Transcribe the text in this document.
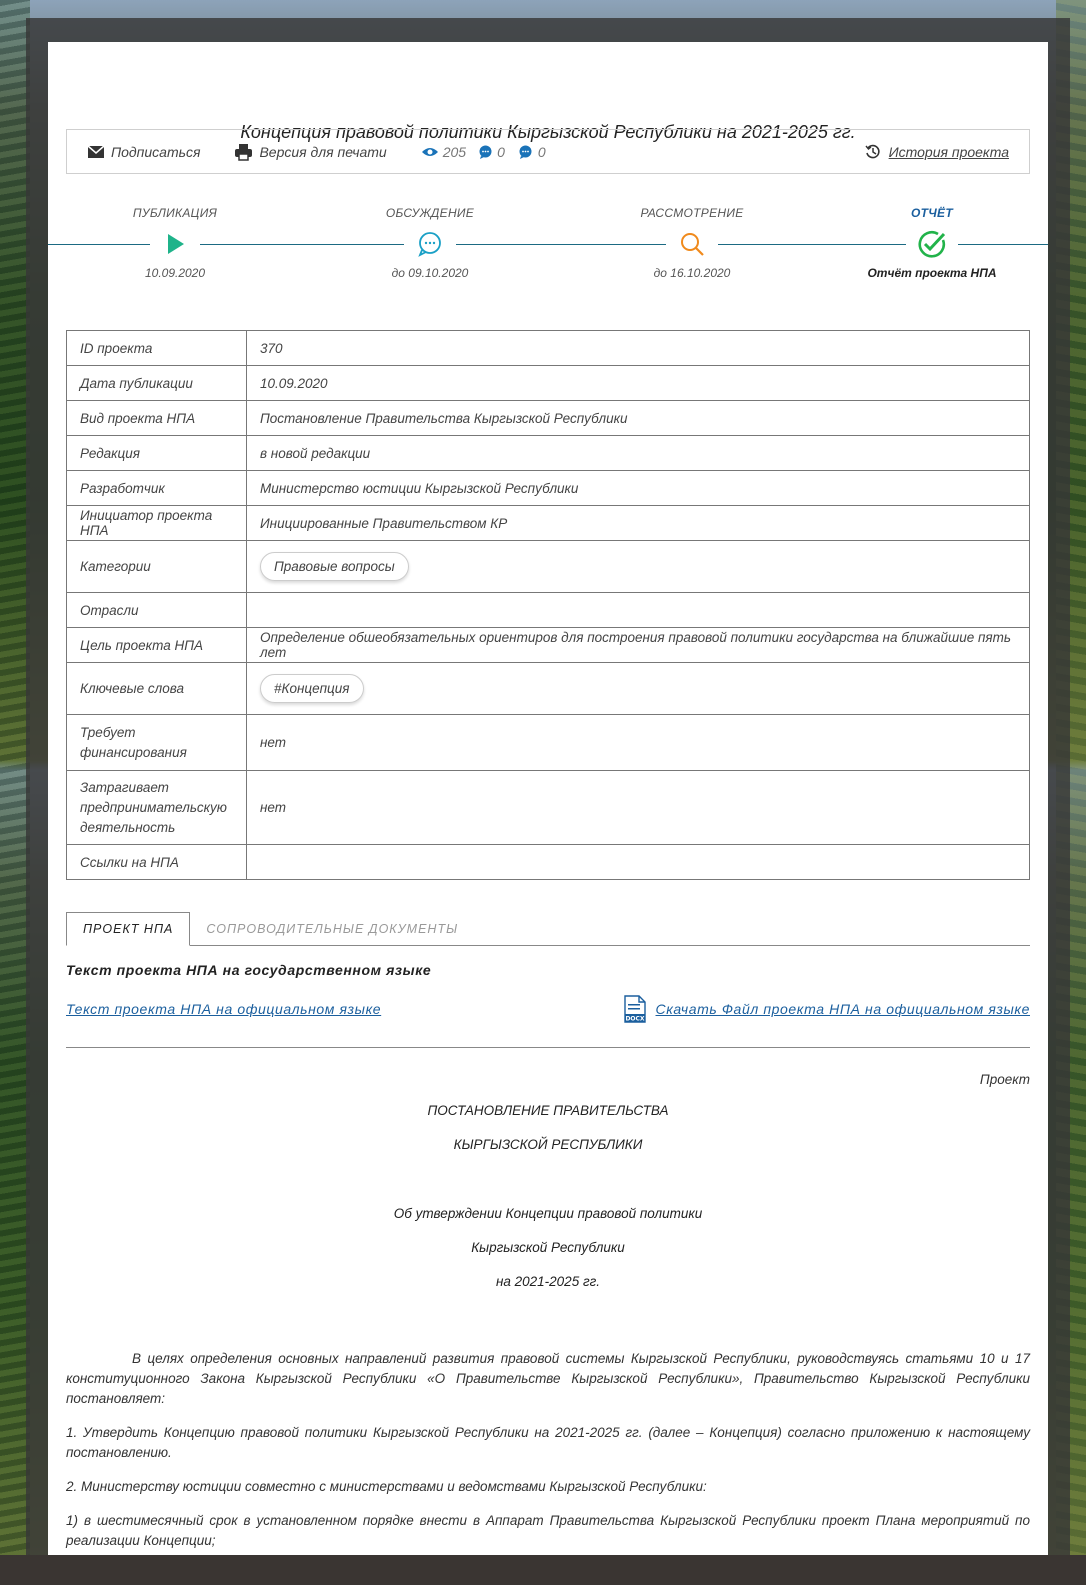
Концепция правовой политики Кыргызской Республики на 2021-2025 гг.
Подписаться	Версия для печати	205 0 0	История проекта
ПУБЛИКАЦИЯ
10.09.2020
ОБСУЖДЕНИЕ
до 09.10.2020
РАССМОТРЕНИЕ
до 16.10.2020
ОТЧЁТ
Отчёт проекта НПА
ID проекта	370
Дата публикации	10.09.2020
Вид проекта НПА	Постановление Правительства Кыргызской Республики
Редакция	в новой редакции
Разработчик	Министерство юстиции Кыргызской Республики
Инициатор проекта НПА	Инициированные Правительством КР
Категории	Правовые вопросы
Отрасли	
Цель проекта НПА	Определение обшеобязательных ориентиров для построения правовой политики государства на ближайшие пять лет
Ключевые слова	#Концепция

Требует
финансирования	нет

Затрагивает
предпринимательскую
деятельность	нет
Ссылки на НПА	
ПРОЕКТ НПА	СОПРОВОДИТЕЛЬНЫЕ ДОКУМЕНТЫ
Текст проекта НПА на государственном языке
Текст проекта НПА на официальном языке
DOCX
Скачать Файл проекта НПА на официальном языке
Проект
ПОСТАНОВЛЕНИЕ ПРАВИТЕЛЬСТВА
КЫРГЫЗСКОЙ РЕСПУБЛИКИ
Об утверждении Концепции правовой политики
Кыргызской Республики
на 2021-2025 гг.

В целях определения основных направлений развития правовой системы Кыргызской Республики, руководствуясь статьями 10 и 17 конституционного Закона Кыргызской Республики «О Правительстве Кыргызской Республики», Правительство Кыргызской Республики постановляет:

1. Утвердить Концепцию правовой политики Кыргызской Республики на 2021-2025 гг. (далее – Концепция) согласно приложению к настоящему постановлению.

2. Министерству юстиции совместно с министерствами и ведомствами Кыргызской Республики:

1) в шестимесячный срок в установленном порядке внести в Аппарат Правительства Кыргызской Республики проект Плана мероприятий по реализации Концепции;
